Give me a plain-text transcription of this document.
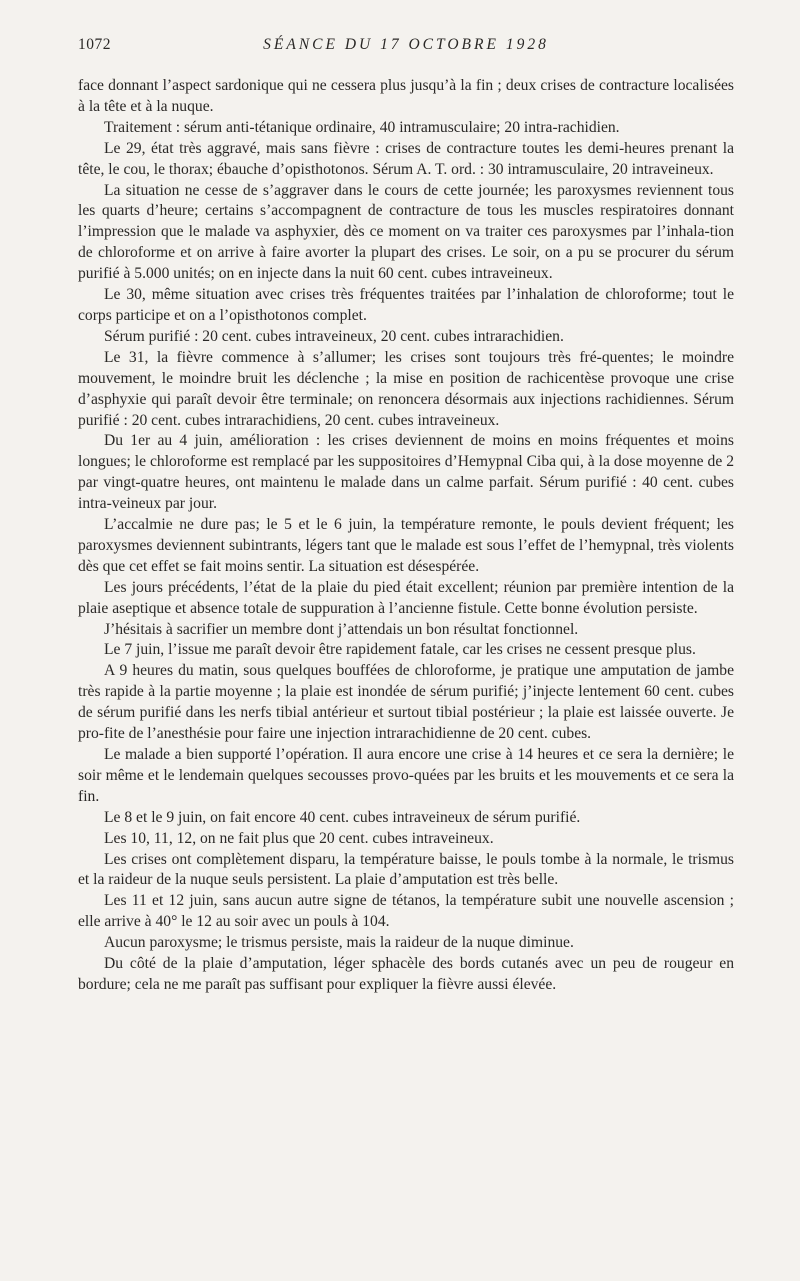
1072	SÉANCE DU 17 OCTOBRE 1928

face donnant l’aspect sardonique qui ne cessera plus jusqu’à la fin ; deux crises de contracture localisées à la tête et à la nuque.

Traitement : sérum anti-tétanique ordinaire, 40 intramusculaire; 20 intra-rachidien.

Le 29, état très aggravé, mais sans fièvre : crises de contracture toutes les demi-heures prenant la tête, le cou, le thorax; ébauche d’opisthotonos. Sérum A. T. ord. : 30 intramusculaire, 20 intraveineux.

La situation ne cesse de s’aggraver dans le cours de cette journée; les paroxysmes reviennent tous les quarts d’heure; certains s’accompagnent de contracture de tous les muscles respiratoires donnant l’impression que le malade va asphyxier, dès ce moment on va traiter ces paroxysmes par l’inhala-tion de chloroforme et on arrive à faire avorter la plupart des crises. Le soir, on a pu se procurer du sérum purifié à 5.000 unités; on en injecte dans la nuit 60 cent. cubes intraveineux.

Le 30, même situation avec crises très fréquentes traitées par l’inhalation de chloroforme; tout le corps participe et on a l’opisthotonos complet.

Sérum purifié : 20 cent. cubes intraveineux, 20 cent. cubes intrarachidien.

Le 31, la fièvre commence à s’allumer; les crises sont toujours très fré-quentes; le moindre mouvement, le moindre bruit les déclenche ; la mise en position de rachicentèse provoque une crise d’asphyxie qui paraît devoir être terminale; on renoncera désormais aux injections rachidiennes. Sérum purifié : 20 cent. cubes intrarachidiens, 20 cent. cubes intraveineux.

Du 1er au 4 juin, amélioration : les crises deviennent de moins en moins fréquentes et moins longues; le chloroforme est remplacé par les suppositoires d’Hemypnal Ciba qui, à la dose moyenne de 2 par vingt-quatre heures, ont maintenu le malade dans un calme parfait. Sérum purifié : 40 cent. cubes intra-veineux par jour.

L’accalmie ne dure pas; le 5 et le 6 juin, la température remonte, le pouls devient fréquent; les paroxysmes deviennent subintrants, légers tant que le malade est sous l’effet de l’hemypnal, très violents dès que cet effet se fait moins sentir. La situation est désespérée.

Les jours précédents, l’état de la plaie du pied était excellent; réunion par première intention de la plaie aseptique et absence totale de suppuration à l’ancienne fistule. Cette bonne évolution persiste.

J’hésitais à sacrifier un membre dont j’attendais un bon résultat fonctionnel.

Le 7 juin, l’issue me paraît devoir être rapidement fatale, car les crises ne cessent presque plus.

A 9 heures du matin, sous quelques bouffées de chloroforme, je pratique une amputation de jambe très rapide à la partie moyenne ; la plaie est inondée de sérum purifié; j’injecte lentement 60 cent. cubes de sérum purifié dans les nerfs tibial antérieur et surtout tibial postérieur ; la plaie est laissée ouverte. Je pro-fite de l’anesthésie pour faire une injection intrarachidienne de 20 cent. cubes.

Le malade a bien supporté l’opération. Il aura encore une crise à 14 heures et ce sera la dernière; le soir même et le lendemain quelques secousses provo-quées par les bruits et les mouvements et ce sera la fin.

Le 8 et le 9 juin, on fait encore 40 cent. cubes intraveineux de sérum purifié.

Les 10, 11, 12, on ne fait plus que 20 cent. cubes intraveineux.

Les crises ont complètement disparu, la température baisse, le pouls tombe à la normale, le trismus et la raideur de la nuque seuls persistent. La plaie d’amputation est très belle.

Les 11 et 12 juin, sans aucun autre signe de tétanos, la température subit une nouvelle ascension ; elle arrive à 40° le 12 au soir avec un pouls à 104.

Aucun paroxysme; le trismus persiste, mais la raideur de la nuque diminue.

Du côté de la plaie d’amputation, léger sphacèle des bords cutanés avec un peu de rougeur en bordure; cela ne me paraît pas suffisant pour expliquer la fièvre aussi élevée.
